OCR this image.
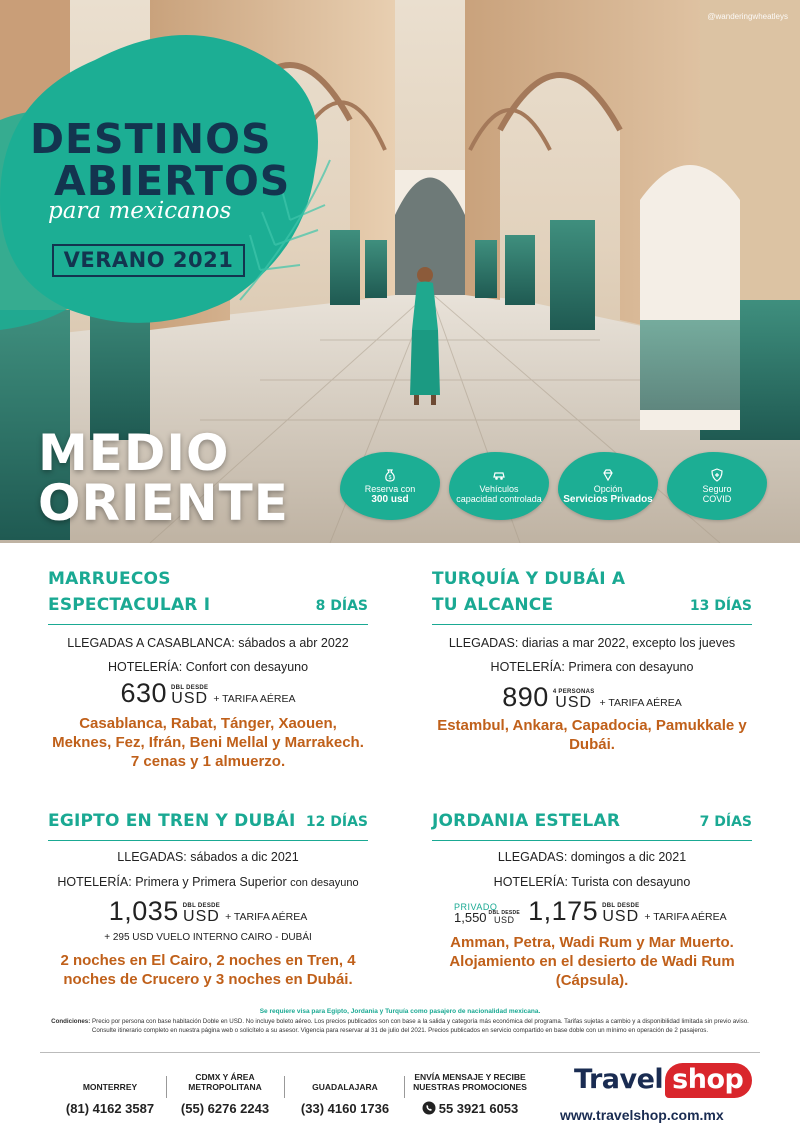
@wanderingwheatleys
DESTINOS
ABIERTOS
para mexicanos
VERANO 2021
MEDIO
ORIENTE	$
Reserva con
300 usd
Vehículos
capacidad controlada
Opción
Servicios Privados
Seguro
COVID
MARRUECOS
ESPECTACULAR I	8 DÍAS
LLEGADAS A CASABLANCA: sábados a abr 2022
HOTELERÍA: Confort con desayuno
630 DBL DESDE
USD + TARIFA AÉREA
Casablanca, Rabat, Tánger, Xaouen, Meknes, Fez, Ifrán, Beni Mellal y Marrakech. 7 cenas y 1 almuerzo.
TURQUÍA Y DUBÁI A
TU ALCANCE	13 DÍAS
LLEGADAS: diarias a mar 2022, excepto los jueves
HOTELERÍA: Primera con desayuno
890 4 PERSONAS
USD + TARIFA AÉREA
Estambul, Ankara, Capadocia, Pamukkale y Dubái.
EGIPTO EN TREN Y DUBÁI 12 DÍAS
LLEGADAS: sábados a dic 2021
HOTELERÍA: Primera y Primera Superior con desayuno
1,035 DBL DESDE
USD + TARIFA AÉREA
+ 295 USD VUELO INTERNO CAIRO - DUBÁI
2 noches en El Cairo, 2 noches en Tren, 4 noches de Crucero y 3 noches en Dubái.
JORDANIA ESTELAR	7 DÍAS
LLEGADAS: domingos a dic 2021
HOTELERÍA: Turista con desayuno
PRIVADO
1,550 DBL DESDE
USD 1,175 DBL DESDE
USD + TARIFA AÉREA
Amman, Petra, Wadi Rum y Mar Muerto. Alojamiento en el desierto de Wadi Rum (Cápsula).
Se requiere visa para Egipto, Jordania y Turquía como pasajero de nacionalidad mexicana.
Condiciones: Precio por persona con base habitación Doble en USD. No incluye boleto aéreo. Los precios publicados son con base a la salida y categoría más económica del programa. Tarifas sujetas a cambio y a disponibilidad limitada sin previo aviso. Consulte itinerario completo en nuestra página web o solicítelo a su asesor. Vigencia para reservar al 31 de julio del 2021. Precios publicados en servicio compartido en base doble con un mínimo en operación de 2 pasajeros.
MONTERREY
(81) 4162 3587
CDMX Y ÁREA METROPOLITANA
(55) 6276 2243
GUADALAJARA
(33) 4160 1736
ENVÍA MENSAJE Y RECIBE NUESTRAS PROMOCIONES
55 3921 6053
Travel shop
www.travelshop.com.mx
